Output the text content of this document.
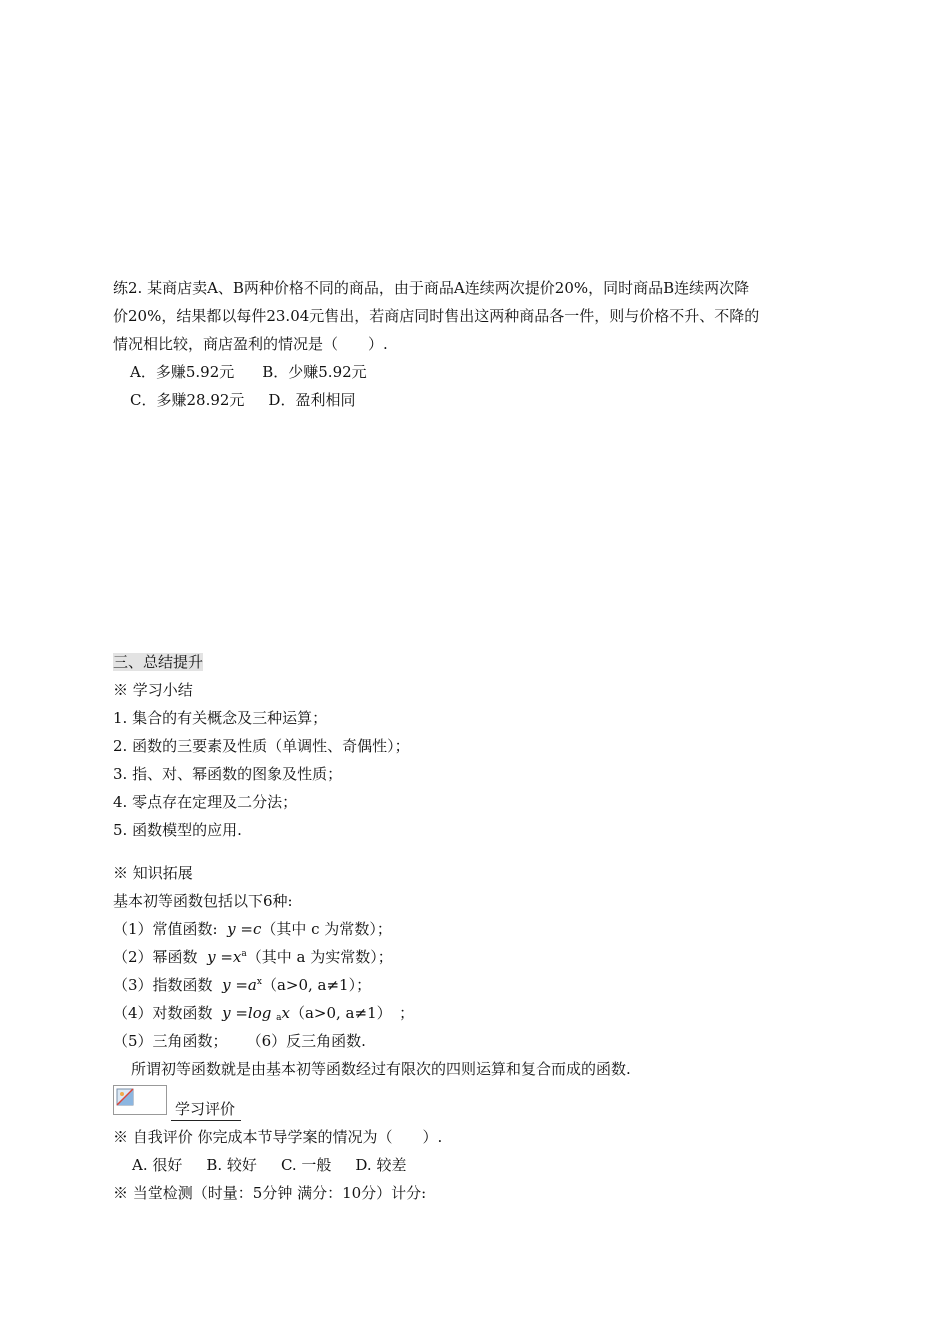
练2. 某商店卖A、B两种价格不同的商品，由于商品A连续两次提价20%，同时商品B连续两次降
价20%，结果都以每件23.04元售出，若商店同时售出这两种商品各一件，则与价格不升、不降的
情况相比较，商店盈利的情况是（　　）.
A．多赚5.92元 B．少赚5.92元
C．多赚28.92元 D．盈利相同
三、总结提升
※ 学习小结
1. 集合的有关概念及三种运算；
2. 函数的三要素及性质（单调性、奇偶性）；
3. 指、对、幂函数的图象及性质；
4. 零点存在定理及二分法；
5. 函数模型的应用.
※ 知识拓展
基本初等函数包括以下6种:
（1）常值函数: y =c（其中 c 为常数）；
（2）幂函数 $y =x^a$（其中 a 为实常数）；
（3）指数函数 $y =a^x(a>0$, a≠1）；
（4）对数函数 y =log $_a$x（a>0, a≠1）　；
（5）三角函数； （6）反三角函数.
所谓初等函数就是由基本初等函数经过有限次的四则运算和复合而成的函数.
学习评价
※ 自我评价 你完成本节导学案的情况为（　　）.
A. 很好 B. 较好 C. 一般 D. 较差
※ 当堂检测（时量：5分钟 满分：10分）计分:
